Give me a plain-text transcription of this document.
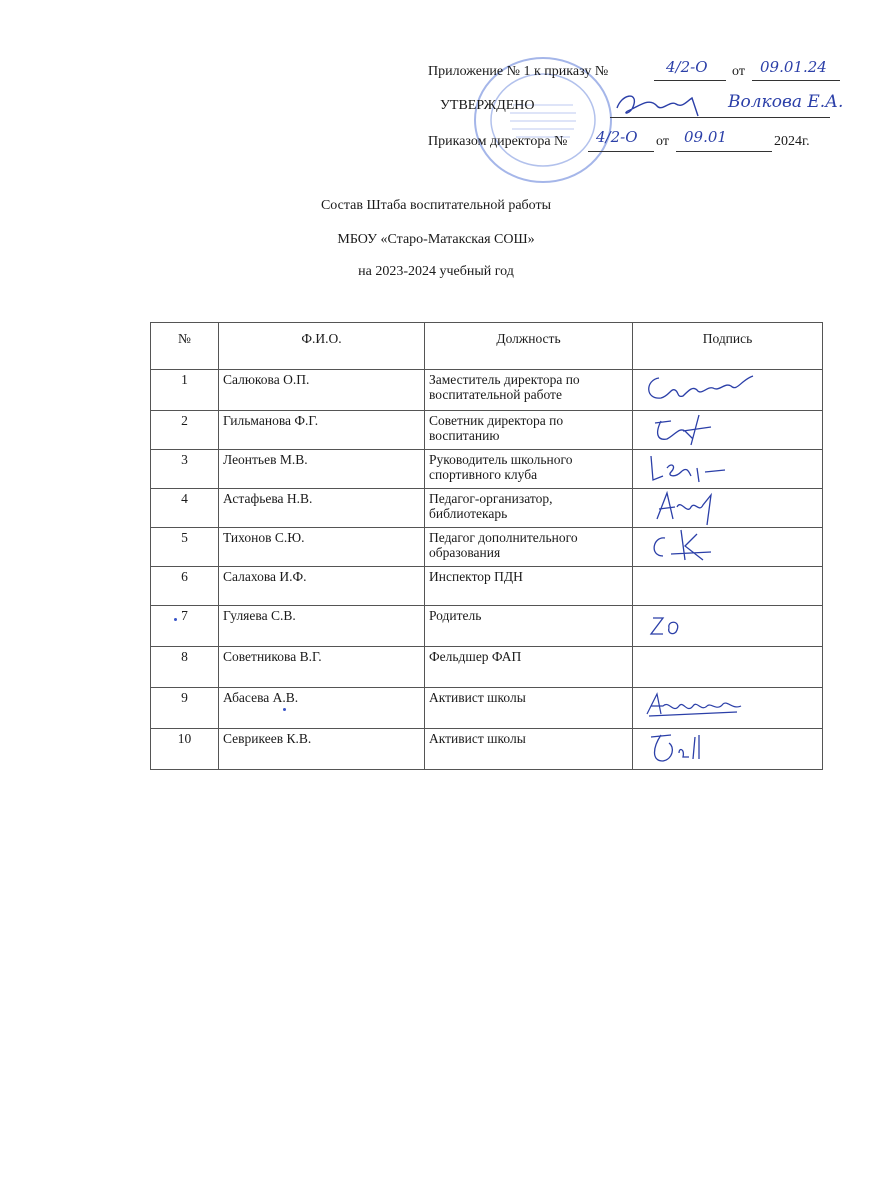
Приложение № 1 к приказу №	4/2-О от 09.01.24
УТВЕРЖДЕНО	Волкова Е.А.
Приказом директора № 4/2-О от 09.01	2024г.
Состав Штаба воспитательной работы
МБОУ «Старо-Матакская СОШ»
на 2023-2024 учебный год
№	Ф.И.О.	Должность	Подпись
1	Салюкова О.П.	Заместитель директора по воспитательной работе	

2	Гильманова Ф.Г.	Советник директора по воспитанию	

3	Леонтьев М.В.	Руководитель школьного спортивного клуба	

4	Астафьева Н.В.	Педагог-организатор, библиотекарь	

5	Тихонов С.Ю.	Педагог дополнительного образования	

6	Салахова И.Ф.	Инспектор ПДН	
7	Гуляева С.В.	Родитель	

8	Советникова В.Г.	Фельдшер ФАП	
9	Абасева А.В.	Активист школы	

10	Севрикеев К.В.	Активист школы	
